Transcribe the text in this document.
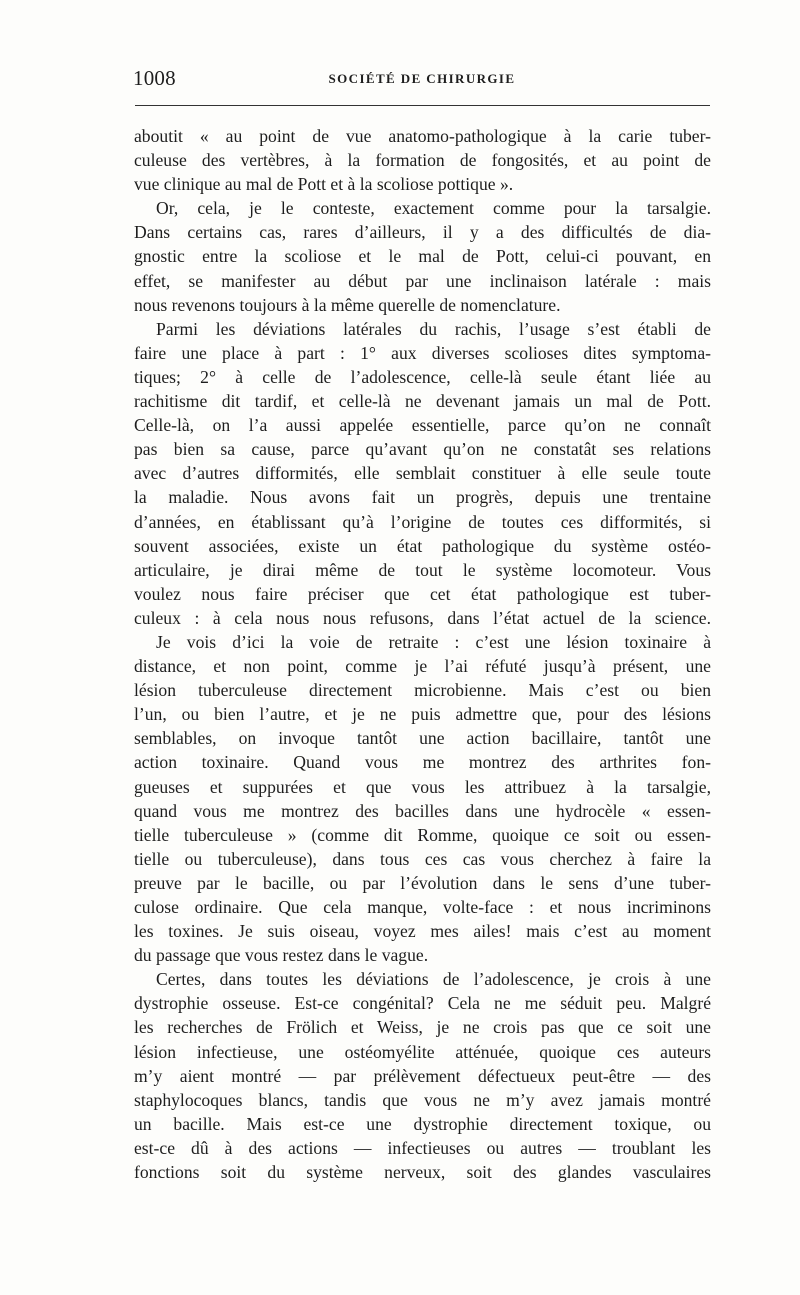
1008	SOCIÉTÉ DE CHIRURGIE
aboutit « au point de vue anatomo-pathologique à la carie tuber-
culeuse des vertèbres, à la formation de fongosités, et au point de
vue clinique au mal de Pott et à la scoliose pottique ».
Or, cela, je le conteste, exactement comme pour la tarsalgie.
Dans certains cas, rares d’ailleurs, il y a des difficultés de dia-
gnostic entre la scoliose et le mal de Pott, celui-ci pouvant, en
effet, se manifester au début par une inclinaison latérale : mais
nous revenons toujours à la même querelle de nomenclature.
Parmi les déviations latérales du rachis, l’usage s’est établi de
faire une place à part : 1° aux diverses scolioses dites symptoma-
tiques; 2° à celle de l’adolescence, celle-là seule étant liée au
rachitisme dit tardif, et celle-là ne devenant jamais un mal de Pott.
Celle-là, on l’a aussi appelée essentielle, parce qu’on ne connaît
pas bien sa cause, parce qu’avant qu’on ne constatât ses relations
avec d’autres difformités, elle semblait constituer à elle seule toute
la maladie. Nous avons fait un progrès, depuis une trentaine
d’années, en établissant qu’à l’origine de toutes ces difformités, si
souvent associées, existe un état pathologique du système ostéo-
articulaire, je dirai même de tout le système locomoteur. Vous
voulez nous faire préciser que cet état pathologique est tuber-
culeux : à cela nous nous refusons, dans l’état actuel de la science.
Je vois d’ici la voie de retraite : c’est une lésion toxinaire à
distance, et non point, comme je l’ai réfuté jusqu’à présent, une
lésion tuberculeuse directement microbienne. Mais c’est ou bien
l’un, ou bien l’autre, et je ne puis admettre que, pour des lésions
semblables, on invoque tantôt une action bacillaire, tantôt une
action toxinaire. Quand vous me montrez des arthrites fon-
gueuses et suppurées et que vous les attribuez à la tarsalgie,
quand vous me montrez des bacilles dans une hydrocèle « essen-
tielle tuberculeuse » (comme dit Romme, quoique ce soit ou essen-
tielle ou tuberculeuse), dans tous ces cas vous cherchez à faire la
preuve par le bacille, ou par l’évolution dans le sens d’une tuber-
culose ordinaire. Que cela manque, volte-face : et nous incriminons
les toxines. Je suis oiseau, voyez mes ailes! mais c’est au moment
du passage que vous restez dans le vague.
Certes, dans toutes les déviations de l’adolescence, je crois à une
dystrophie osseuse. Est-ce congénital? Cela ne me séduit peu. Malgré
les recherches de Frölich et Weiss, je ne crois pas que ce soit une
lésion infectieuse, une ostéomyélite atténuée, quoique ces auteurs
m’y aient montré — par prélèvement défectueux peut-être — des
staphylocoques blancs, tandis que vous ne m’y avez jamais montré
un bacille. Mais est-ce une dystrophie directement toxique, ou
est-ce dû à des actions — infectieuses ou autres — troublant les
fonctions soit du système nerveux, soit des glandes vasculaires
